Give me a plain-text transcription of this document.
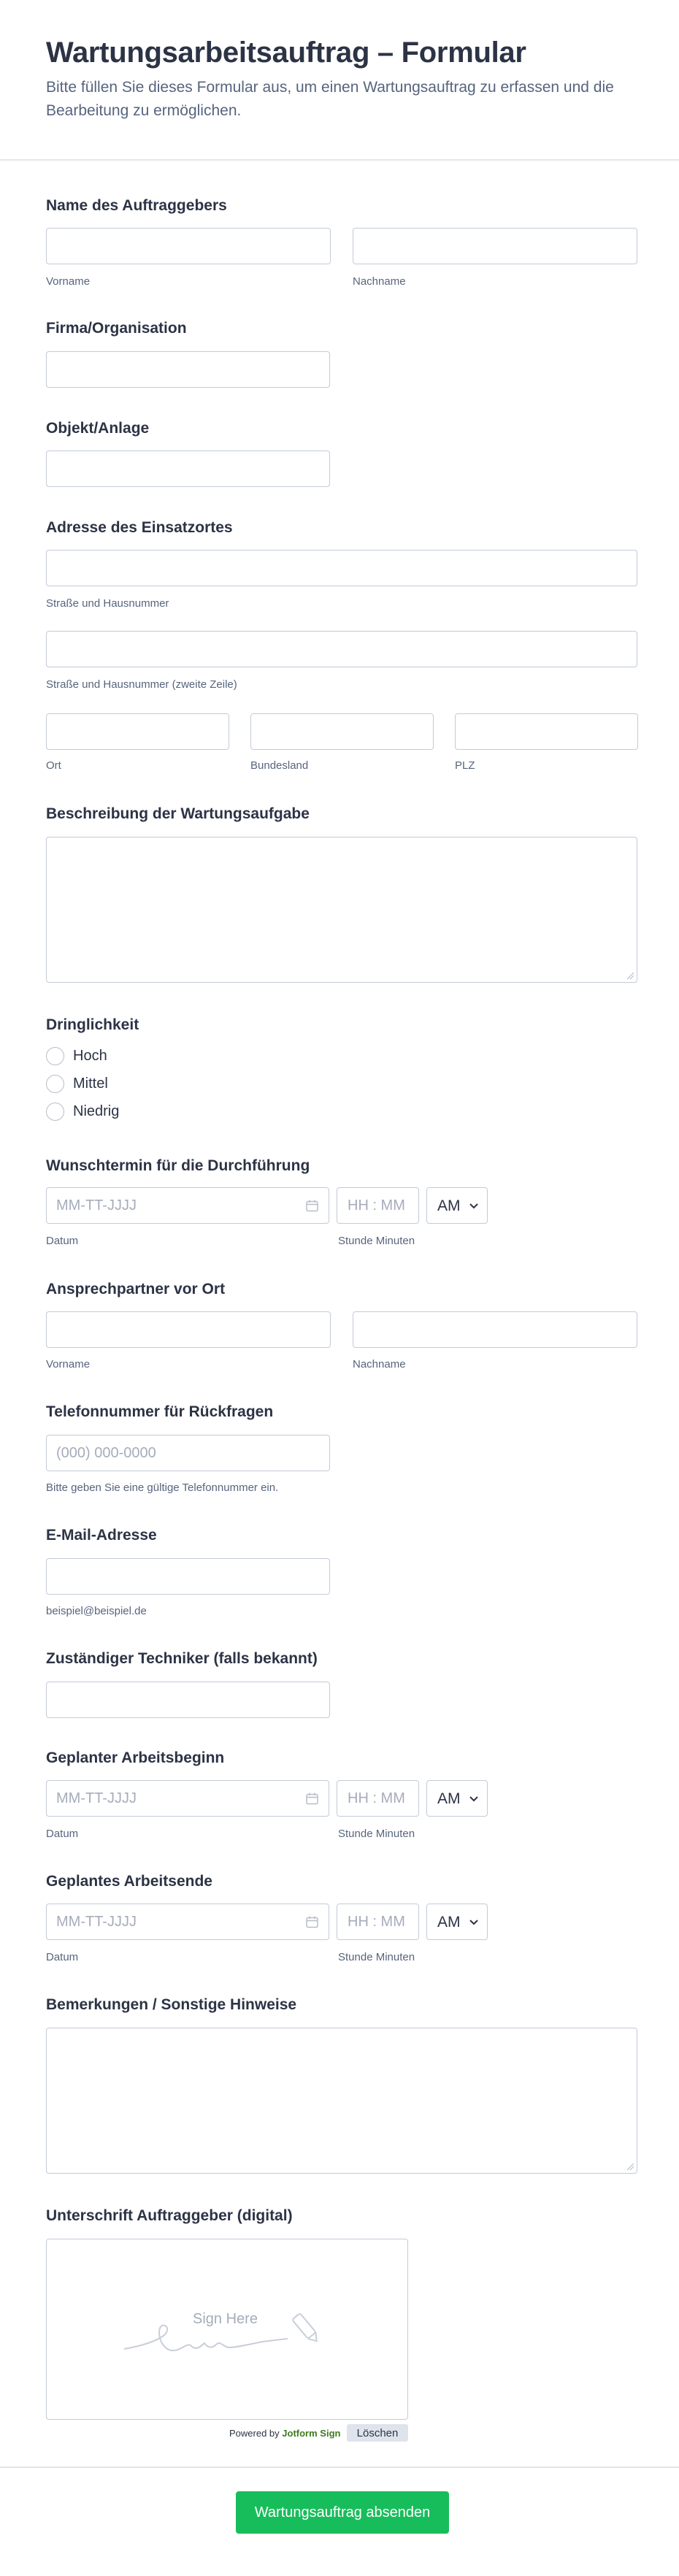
Wartungsarbeitsauftrag – Formular
Bitte füllen Sie dieses Formular aus, um einen Wartungsauftrag zu erfassen und die Bearbeitung zu ermöglichen.
Name des Auftraggebers
Vorname	Nachname
Firma/Organisation
Objekt/Anlage
Adresse des Einsatzortes
Straße und Hausnummer
Straße und Hausnummer (zweite Zeile)
Ort	Bundesland	PLZ
Beschreibung der Wartungsaufgabe
Dringlichkeit
Hoch
Mittel
Niedrig
Wunschtermin für die Durchführung
MM-TT-JJJJ	HH : MM AM
Datum	Stunde Minuten
Ansprechpartner vor Ort
Vorname	Nachname
Telefonnummer für Rückfragen
(000) 000-0000
Bitte geben Sie eine gültige Telefonnummer ein.
E-Mail-Adresse
beispiel@beispiel.de
Zuständiger Techniker (falls bekannt)
Geplanter Arbeitsbeginn
MM-TT-JJJJ	HH : MM AM
Datum	Stunde Minuten
Geplantes Arbeitsende
MM-TT-JJJJ	HH : MM AM
Datum	Stunde Minuten
Bemerkungen / Sonstige Hinweise
Unterschrift Auftraggeber (digital)
Sign Here
Powered by Jotform Sign	Löschen
Wartungsauftrag absenden
